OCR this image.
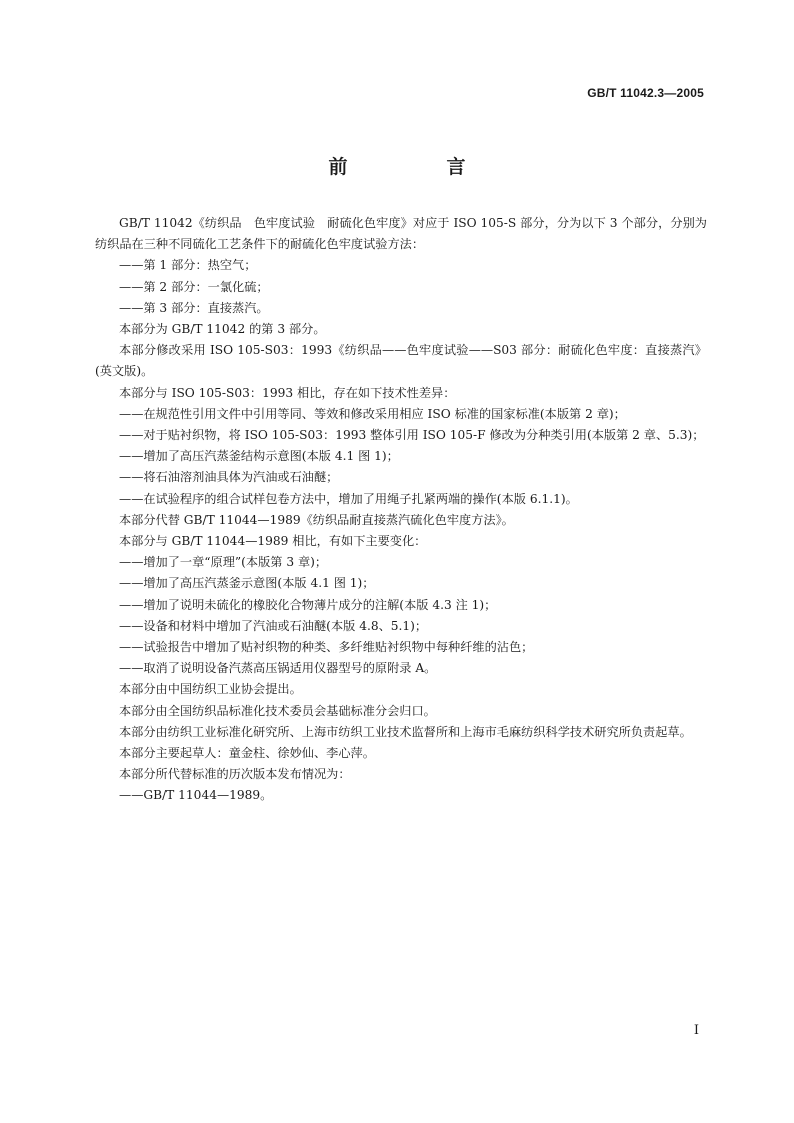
GB/T 11042.3—2005
前　言

GB/T 11042《纺织品　色牢度试验　耐硫化色牢度》对应于 ISO 105-S 部分，分为以下 3 个部分，分别为纺织品在三种不同硫化工艺条件下的耐硫化色牢度试验方法：

——第 1 部分：热空气；

——第 2 部分：一氯化硫；

——第 3 部分：直接蒸汽。

本部分为 GB/T 11042 的第 3 部分。

本部分修改采用 ISO 105-S03：1993《纺织品——色牢度试验——S03 部分：耐硫化色牢度：直接蒸汽》(英文版)。

本部分与 ISO 105-S03：1993 相比，存在如下技术性差异：

——在规范性引用文件中引用等同、等效和修改采用相应 ISO 标准的国家标准(本版第 2 章)；

——对于贴衬织物，将 ISO 105-S03：1993 整体引用 ISO 105-F 修改为分种类引用(本版第 2 章、5.3)；

——增加了高压汽蒸釜结构示意图(本版 4.1 图 1)；

——将石油溶剂油具体为汽油或石油醚；

——在试验程序的组合试样包卷方法中，增加了用绳子扎紧两端的操作(本版 6.1.1)。

本部分代替 GB/T 11044—1989《纺织品耐直接蒸汽硫化色牢度方法》。

本部分与 GB/T 11044—1989 相比，有如下主要变化：

——增加了一章“原理”(本版第 3 章)；

——增加了高压汽蒸釜示意图(本版 4.1 图 1)；

——增加了说明未硫化的橡胶化合物薄片成分的注解(本版 4.3 注 1)；

——设备和材料中增加了汽油或石油醚(本版 4.8、5.1)；

——试验报告中增加了贴衬织物的种类、多纤维贴衬织物中每种纤维的沾色；

——取消了说明设备汽蒸高压锅适用仪器型号的原附录 A。

本部分由中国纺织工业协会提出。

本部分由全国纺织品标准化技术委员会基础标准分会归口。

本部分由纺织工业标准化研究所、上海市纺织工业技术监督所和上海市毛麻纺织科学技术研究所负责起草。

本部分主要起草人：童金柱、徐妙仙、李心萍。

本部分所代替标准的历次版本发布情况为：

——GB/T 11044—1989。

I
